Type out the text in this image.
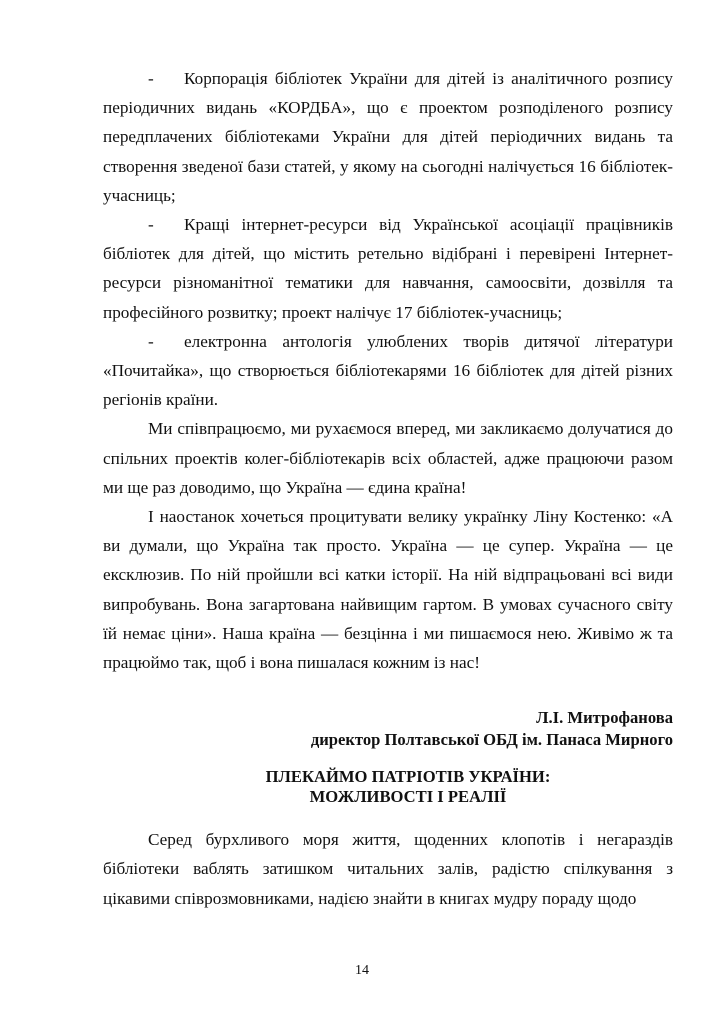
- Корпорація бібліотек України для дітей із аналітичного розпису періодичних видань «КОРДБА», що є проектом розподіленого розпису передплачених бібліотеками України для дітей періодичних видань та створення зведеної бази статей, у якому на сьогодні налічується 16 бібліотек-учасниць;

- Кращі інтернет-ресурси від Української асоціації працівників бібліотек для дітей, що містить ретельно відібрані і перевірені Інтернет-ресурси різноманітної тематики для навчання, самоосвіти, дозвілля та професійного розвитку; проект налічує 17 бібліотек-учасниць;

- електронна антологія улюблених творів дитячої літератури «Почитайка», що створюється бібліотекарями 16 бібліотек для дітей різних регіонів країни.

Ми співпрацюємо, ми рухаємося вперед, ми закликаємо долучатися до спільних проектів колег-бібліотекарів всіх областей, адже працюючи разом ми ще раз доводимо, що Україна — єдина країна!

І наостанок хочеться процитувати велику українку Ліну Костенко: «А ви думали, що Україна так просто. Україна — це супер. Україна — це ексклюзив. По ній пройшли всі катки історії. На ній відпрацьовані всі види випробувань. Вона загартована найвищим гартом. В умовах сучасного світу їй немає ціни». Наша країна — безцінна і ми пишаємося нею. Живімо ж та працюймо так, щоб і вона пишалася кожним із нас!

Л.І. Митрофанова
директор Полтавської ОБД ім. Панаса Мирного
ПЛЕКАЙМО ПАТРІОТІВ УКРАЇНИ:
МОЖЛИВОСТІ І РЕАЛІЇ

Серед бурхливого моря життя, щоденних клопотів і негараздів бібліотеки ваблять затишком читальних залів, радістю спілкування з цікавими співрозмовниками, надією знайти в книгах мудру пораду щодо

14
